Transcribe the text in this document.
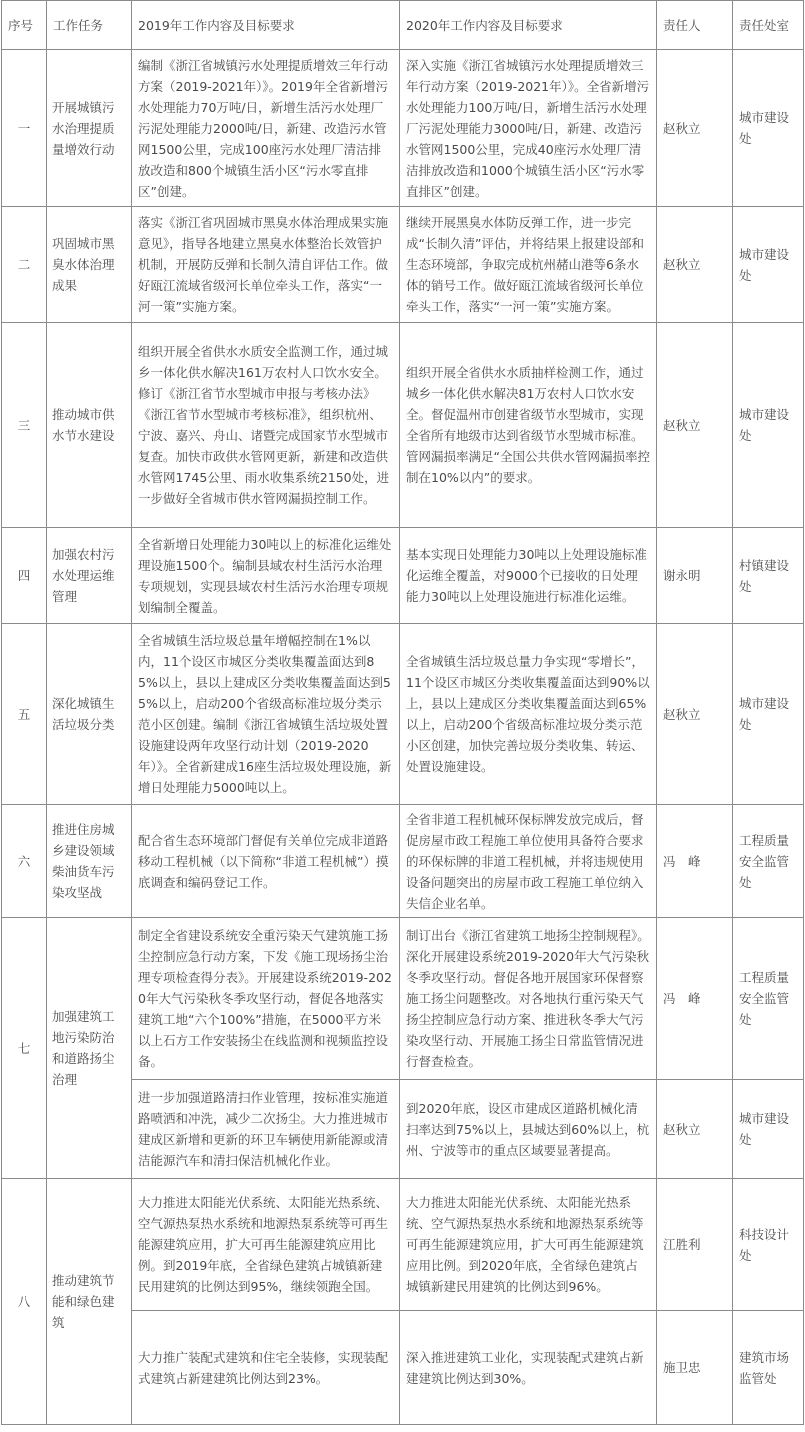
序号	工作任务	2019年工作内容及目标要求	2020年工作内容及目标要求	责任人	责任处室
一	开展城镇污水治理提质量增效行动	编制《浙江省城镇污水处理提质增效三年行动方案（2019-2021年）》。2019年全省新增污水处理能力70万吨/日，新增生活污水处理厂污泥处理能力2000吨/日，新建、改造污水管网1500公里，完成100座污水处理厂清洁排放改造和800个城镇生活小区“污水零直排区”创建。	深入实施《浙江省城镇污水处理提质增效三年行动方案（2019-2021年）》。全省新增污水处理能力100万吨/日，新增生活污水处理厂污泥处理能力3000吨/日，新建、改造污水管网1500公里，完成40座污水处理厂清洁排放改造和1000个城镇生活小区“污水零直排区”创建。	赵秋立	城市建设处
二	巩固城市黑臭水体治理成果	落实《浙江省巩固城市黑臭水体治理成果实施意见》，指导各地建立黑臭水体整治长效管护机制，开展防反弹和长制久清自评估工作。做好瓯江流域省级河长单位牵头工作，落实“一河一策”实施方案。	继续开展黑臭水体防反弹工作，进一步完成“长制久清”评估，并将结果上报建设部和生态环境部，争取完成杭州赭山港等6条水体的销号工作。做好瓯江流域省级河长单位牵头工作，落实“一河一策”实施方案。	赵秋立	城市建设处
三	推动城市供水节水建设	组织开展全省供水水质安全监测工作，通过城乡一体化供水解决161万农村人口饮水安全。修订《浙江省节水型城市申报与考核办法》《浙江省节水型城市考核标准》，组织杭州、宁波、嘉兴、舟山、诸暨完成国家节水型城市复查。加快市政供水管网更新，新建和改造供水管网1745公里、雨水收集系统2150处，进一步做好全省城市供水管网漏损控制工作。	组织开展全省供水水质抽样检测工作，通过城乡一体化供水解决81万农村人口饮水安全。督促温州市创建省级节水型城市，实现全省所有地级市达到省级节水型城市标准。管网漏损率满足“全国公共供水管网漏损率控制在10%以内”的要求。	赵秋立	城市建设处
四	加强农村污水处理运维管理	全省新增日处理能力30吨以上的标准化运维处理设施1500个。编制县域农村生活污水治理专项规划，实现县域农村生活污水治理专项规划编制全覆盖。	基本实现日处理能力30吨以上处理设施标准化运维全覆盖，对9000个已接收的日处理能力30吨以上处理设施进行标准化运维。	谢永明	村镇建设处
五	深化城镇生活垃圾分类	全省城镇生活垃圾总量年增幅控制在1%以内，11个设区市城区分类收集覆盖面达到85%以上，县以上建成区分类收集覆盖面达到55%以上，启动200个省级高标准垃圾分类示范小区创建。编制《浙江省城镇生活垃圾处置设施建设两年攻坚行动计划（2019-2020年）》。全省新建成16座生活垃圾处理设施，新增日处理能力5000吨以上。	全省城镇生活垃圾总量力争实现“零增长”，11个设区市城区分类收集覆盖面达到90%以上，县以上建成区分类收集覆盖面达到65%以上，启动200个省级高标准垃圾分类示范小区创建，加快完善垃圾分类收集、转运、处置设施建设。	赵秋立	城市建设处
六	推进住房城乡建设领域柴油货车污染攻坚战	配合省生态环境部门督促有关单位完成非道路移动工程机械（以下简称“非道工程机械”）摸底调查和编码登记工作。	全省非道工程机械环保标牌发放完成后，督促房屋市政工程施工单位使用具备符合要求的环保标牌的非道工程机械，并将违规使用设备问题突出的房屋市政工程施工单位纳入失信企业名单。	冯　峰	工程质量安全监管处
七	加强建筑工地污染防治和道路扬尘治理	制定全省建设系统安全重污染天气建筑施工扬尘控制应急行动方案，下发《施工现场扬尘治理专项检查得分表》。开展建设系统2019-2020年大气污染秋冬季攻坚行动，督促各地落实建筑工地“六个100%”措施，在5000平方米以上石方工作安装扬尘在线监测和视频监控设备。	制订出台《浙江省建筑工地扬尘控制规程》。深化开展建设系统2019-2020年大气污染秋冬季攻坚行动。督促各地开展国家环保督察施工扬尘问题整改。对各地执行重污染天气扬尘控制应急行动方案、推进秋冬季大气污染攻坚行动、开展施工扬尘日常监管情况进行督查检查。	冯　峰	工程质量安全监管处
		进一步加强道路清扫作业管理，按标准实施道路喷洒和冲洗，减少二次扬尘。大力推进城市建成区新增和更新的环卫车辆使用新能源或清洁能源汽车和清扫保洁机械化作业。	到2020年底，设区市建成区道路机械化清扫率达到75%以上，县城达到60%以上，杭州、宁波等市的重点区域要显著提高。	赵秋立	城市建设处
八	推动建筑节能和绿色建筑	大力推进太阳能光伏系统、太阳能光热系统、空气源热泵热水系统和地源热泵系统等可再生能源建筑应用，扩大可再生能源建筑应用比例。到2019年底，全省绿色建筑占城镇新建民用建筑的比例达到95%，继续领跑全国。	大力推进太阳能光伏系统、太阳能光热系统、空气源热泵热水系统和地源热泵系统等可再生能源建筑应用，扩大可再生能源建筑应用比例。到2020年底，全省绿色建筑占城镇新建民用建筑的比例达到96%。	江胜利	科技设计处
		大力推广装配式建筑和住宅全装修，实现装配式建筑占新建建筑比例达到23%。	深入推进建筑工业化，实现装配式建筑占新建建筑比例达到30%。	施卫忠	建筑市场监管处
